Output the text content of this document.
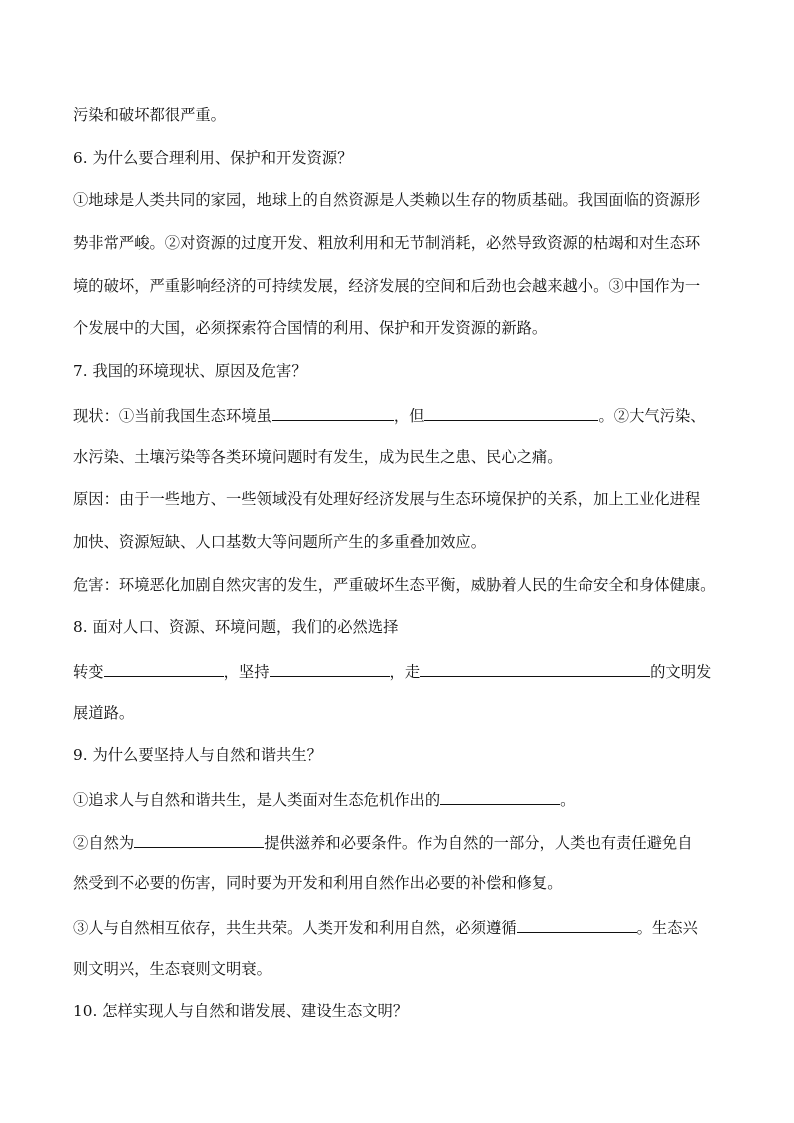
污染和破坏都很严重。
6. 为什么要合理利用、保护和开发资源？
①地球是人类共同的家园，地球上的自然资源是人类赖以生存的物质基础。我国面临的资源形
势非常严峻。②对资源的过度开发、粗放利用和无节制消耗，必然导致资源的枯竭和对生态环
境的破坏，严重影响经济的可持续发展，经济发展的空间和后劲也会越来越小。③中国作为一
个发展中的大国，必须探索符合国情的利用、保护和开发资源的新路。
7. 我国的环境现状、原因及危害？
现状：①当前我国生态环境虽	，但	。②大气污染、
水污染、土壤污染等各类环境问题时有发生，成为民生之患、民心之痛。
原因：由于一些地方、一些领域没有处理好经济发展与生态环境保护的关系，加上工业化进程
加快、资源短缺、人口基数大等问题所产生的多重叠加效应。
危害：环境恶化加剧自然灾害的发生，严重破坏生态平衡，威胁着人民的生命安全和身体健康。
8. 面对人口、资源、环境问题，我们的必然选择
转变	，坚持	，走	的文明发
展道路。
9. 为什么要坚持人与自然和谐共生？
①追求人与自然和谐共生，是人类面对生态危机作出的	。
②自然为	提供滋养和必要条件。作为自然的一部分，人类也有责任避免自
然受到不必要的伤害，同时要为开发和利用自然作出必要的补偿和修复。
③人与自然相互依存，共生共荣。人类开发和利用自然，必须遵循	。生态兴
则文明兴，生态衰则文明衰。
10. 怎样实现人与自然和谐发展、建设生态文明？
